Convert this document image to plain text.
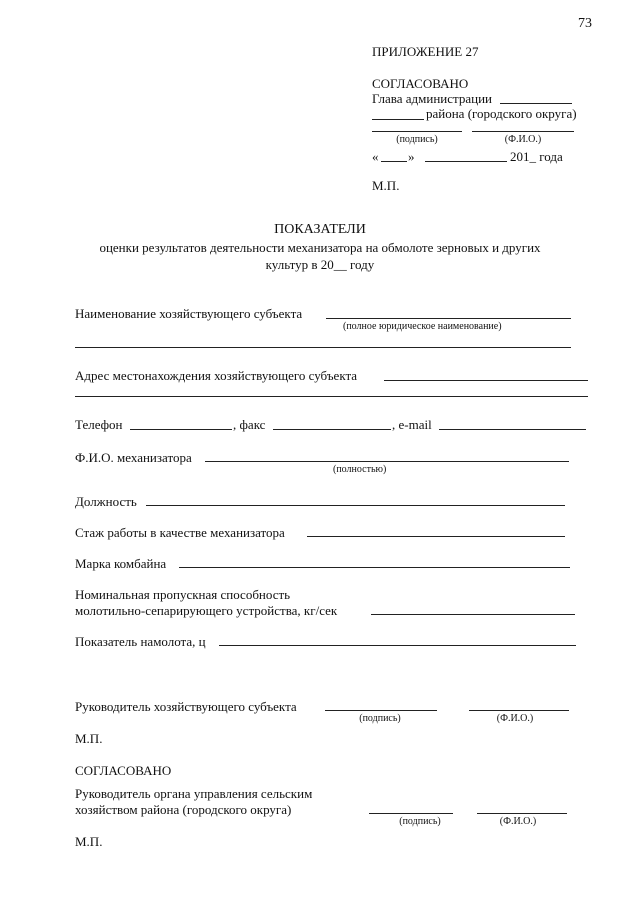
73
ПРИЛОЖЕНИЕ 27
СОГЛАСОВАНО
Глава администрации
района (городского округа)
(подпись)	(Ф.И.О.)
« »	201_ года
М.П.
ПОКАЗАТЕЛИ
оценки результатов деятельности механизатора на обмолоте зерновых и других
культур в 20__ году
Наименование хозяйствующего субъекта
(полное юридическое наименование)
Адрес местонахождения хозяйствующего субъекта
Телефон	, факс	, e-mail
Ф.И.О. механизатора
(полностью)
Должность
Стаж работы в качестве механизатора
Марка комбайна
Номинальная пропускная способность
молотильно-сепарирующего устройства, кг/сек
Показатель намолота, ц
Руководитель хозяйствующего субъекта
(подпись)	(Ф.И.О.)
М.П.
СОГЛАСОВАНО
Руководитель органа управления сельским
хозяйством района (городского округа)
(подпись)	(Ф.И.О.)
М.П.
